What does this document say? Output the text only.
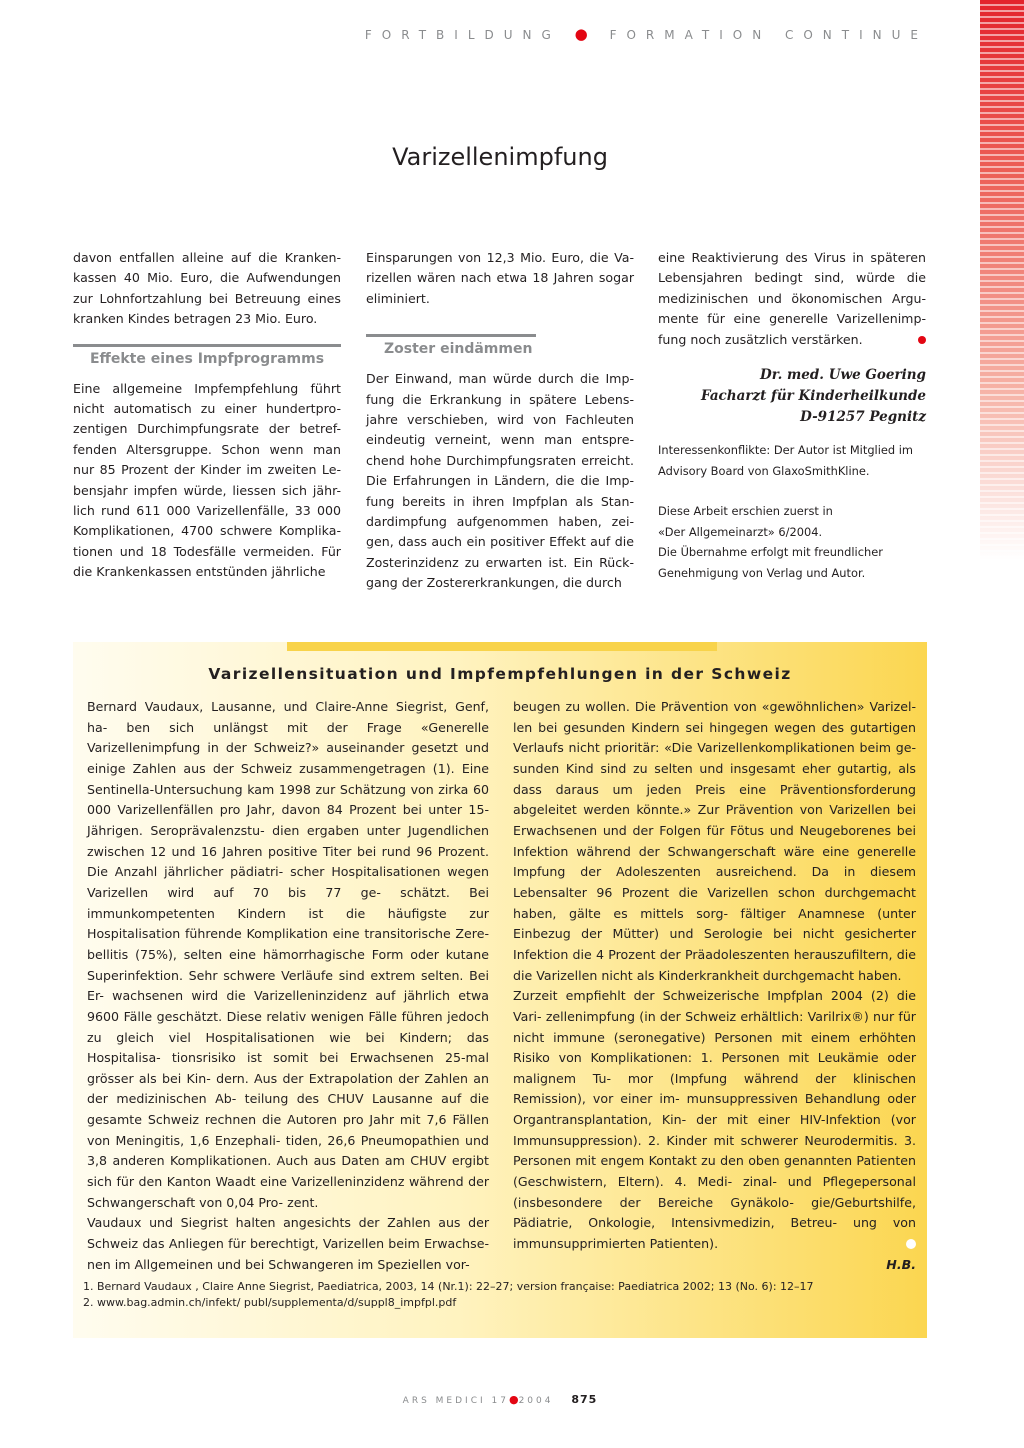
FORTBILDUNG ● FORMATION CONTINUE
Varizellenimpfung

davon entfallen alleine auf die Kranken- kassen 40 Mio. Euro, die Aufwendungen zur Lohnfortzahlung bei Betreuung eines kranken Kindes betragen 23 Mio. Euro.

Effekte eines Impfprogramms

Eine allgemeine Impfempfehlung führt nicht automatisch zu einer hundertpro- zentigen Durchimpfungsrate der betref- fenden Altersgruppe. Schon wenn man nur 85 Prozent der Kinder im zweiten Le- bensjahr impfen würde, liessen sich jähr- lich rund 611 000 Varizellenfälle, 33 000 Komplikationen, 4700 schwere Komplika- tionen und 18 Todesfälle vermeiden. Für die Krankenkassen entstünden jährliche

Einsparungen von 12,3 Mio. Euro, die Va- rizellen wären nach etwa 18 Jahren sogar eliminiert.

Zoster eindämmen

Der Einwand, man würde durch die Imp- fung die Erkrankung in spätere Lebens- jahre verschieben, wird von Fachleuten eindeutig verneint, wenn man entspre- chend hohe Durchimpfungsraten erreicht. Die Erfahrungen in Ländern, die die Imp- fung bereits in ihren Impfplan als Stan- dardimpfung aufgenommen haben, zei- gen, dass auch ein positiver Effekt auf die Zosterinzidenz zu erwarten ist. Ein Rück- gang der Zostererkrankungen, die durch

eine Reaktivierung des Virus in späteren Lebensjahren bedingt sind, würde die medizinischen und ökonomischen Argu- mente für eine generelle Varizellenimp- fung noch zusätzlich verstärken.

Dr. med. Uwe Goering
Facharzt für Kinderheilkunde
D-91257 Pegnitz

Interessenkonflikte: Der Autor ist Mitglied im Advisory Board von GlaxoSmithKline.

Diese Arbeit erschien zuerst in
«Der Allgemeinarzt» 6/2004.
Die Übernahme erfolgt mit freundlicher
Genehmigung von Verlag und Autor.
Varizellensituation und Impfempfehlungen in der Schweiz

Bernard Vaudaux, Lausanne, und Claire-Anne Siegrist, Genf, ha- ben sich unlängst mit der Frage «Generelle Varizellenimpfung in der Schweiz?» auseinander gesetzt und einige Zahlen aus der Schweiz zusammengetragen (1). Eine Sentinella-Untersuchung kam 1998 zur Schätzung von zirka 60 000 Varizellenfällen pro Jahr, davon 84 Prozent bei unter 15-Jährigen. Seroprävalenzstu- dien ergaben unter Jugendlichen zwischen 12 und 16 Jahren positive Titer bei rund 96 Prozent. Die Anzahl jährlicher pädiatri- scher Hospitalisationen wegen Varizellen wird auf 70 bis 77 ge- schätzt. Bei immunkompetenten Kindern ist die häufigste zur Hospitalisation führende Komplikation eine transitorische Zere- bellitis (75%), selten eine hämorrhagische Form oder kutane Superinfektion. Sehr schwere Verläufe sind extrem selten. Bei Er- wachsenen wird die Varizelleninzidenz auf jährlich etwa 9600 Fälle geschätzt. Diese relativ wenigen Fälle führen jedoch zu gleich viel Hospitalisationen wie bei Kindern; das Hospitalisa- tionsrisiko ist somit bei Erwachsenen 25-mal grösser als bei Kin- dern. Aus der Extrapolation der Zahlen an der medizinischen Ab- teilung des CHUV Lausanne auf die gesamte Schweiz rechnen die Autoren pro Jahr mit 7,6 Fällen von Meningitis, 1,6 Enzephali- tiden, 26,6 Pneumopathien und 3,8 anderen Komplikationen. Auch aus Daten am CHUV ergibt sich für den Kanton Waadt eine Varizelleninzidenz während der Schwangerschaft von 0,04 Pro- zent.

Vaudaux und Siegrist halten angesichts der Zahlen aus der Schweiz das Anliegen für berechtigt, Varizellen beim Erwachse- nen im Allgemeinen und bei Schwangeren im Speziellen vor-

beugen zu wollen. Die Prävention von «gewöhnlichen» Varizel- len bei gesunden Kindern sei hingegen wegen des gutartigen Verlaufs nicht prioritär: «Die Varizellenkomplikationen beim ge- sunden Kind sind zu selten und insgesamt eher gutartig, als dass daraus um jeden Preis eine Präventionsforderung abgeleitet werden könnte.» Zur Prävention von Varizellen bei Erwachsenen und der Folgen für Fötus und Neugeborenes bei Infektion während der Schwangerschaft wäre eine generelle Impfung der Adoleszenten ausreichend. Da in diesem Lebensalter 96 Prozent die Varizellen schon durchgemacht haben, gälte es mittels sorg- fältiger Anamnese (unter Einbezug der Mütter) und Serologie bei nicht gesicherter Infektion die 4 Prozent der Präadoleszenten herauszufiltern, die die Varizellen nicht als Kinderkrankheit durchgemacht haben.

Zurzeit empfiehlt der Schweizerische Impfplan 2004 (2) die Vari- zellenimpfung (in der Schweiz erhältlich: Varilrix®) nur für nicht immune (seronegative) Personen mit einem erhöhten Risiko von Komplikationen: 1. Personen mit Leukämie oder malignem Tu- mor (Impfung während der klinischen Remission), vor einer im- munsuppressiven Behandlung oder Organtransplantation, Kin- der mit einer HIV-Infektion (vor Immunsuppression). 2. Kinder mit schwerer Neurodermitis. 3. Personen mit engem Kontakt zu den oben genannten Patienten (Geschwistern, Eltern). 4. Medi- zinal- und Pflegepersonal (insbesondere der Bereiche Gynäkolo- gie/Geburtshilfe, Pädiatrie, Onkologie, Intensivmedizin, Betreu- ung von immunsupprimierten Patienten).

H.B.

1. Bernard Vaudaux , Claire Anne Siegrist, Paediatrica, 2003, 14 (Nr.1): 22–27; version française: Paediatrica 2002; 13 (No. 6): 12–17

2. www.bag.admin.ch/infekt/ publ/supplementa/d/suppl8_impfpl.pdf

ARS MEDICI 17●2004 875
